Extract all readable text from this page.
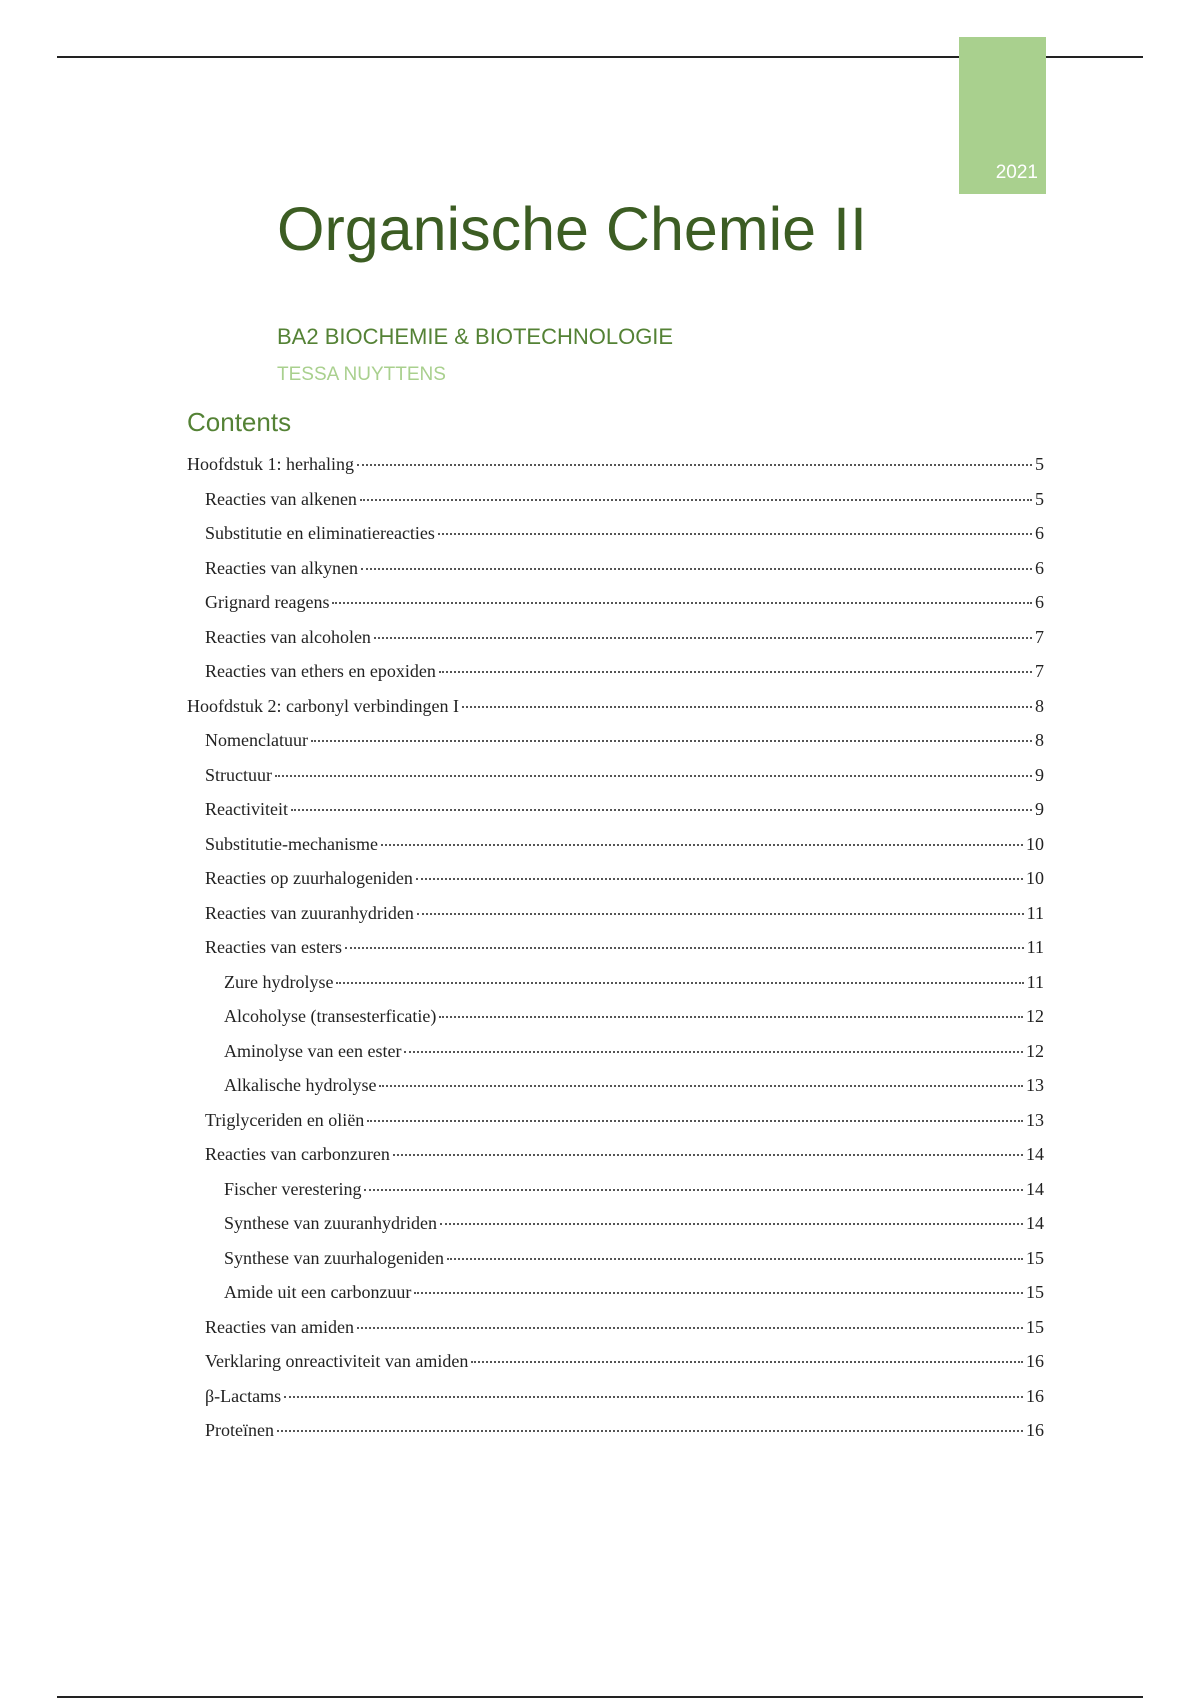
2021
Organische Chemie II
BA2 BIOCHEMIE & BIOTECHNOLOGIE
TESSA NUYTTENS
Contents
Hoofdstuk 1: herhaling	5
Reacties van alkenen	5
Substitutie en eliminatiereacties	6
Reacties van alkynen	6
Grignard reagens	6
Reacties van alcoholen	7
Reacties van ethers en epoxiden	7
Hoofdstuk 2: carbonyl verbindingen I	8
Nomenclatuur	8
Structuur	9
Reactiviteit	9
Substitutie-mechanisme	10
Reacties op zuurhalogeniden	10
Reacties van zuuranhydriden	11
Reacties van esters	11
Zure hydrolyse	11
Alcoholyse (transesterficatie)	12
Aminolyse van een ester	12
Alkalische hydrolyse	13
Triglyceriden en oliën	13
Reacties van carbonzuren	14
Fischer verestering	14
Synthese van zuuranhydriden	14
Synthese van zuurhalogeniden	15
Amide uit een carbonzuur	15
Reacties van amiden	15
Verklaring onreactiviteit van amiden	16
β-Lactams	16
Proteïnen	16
